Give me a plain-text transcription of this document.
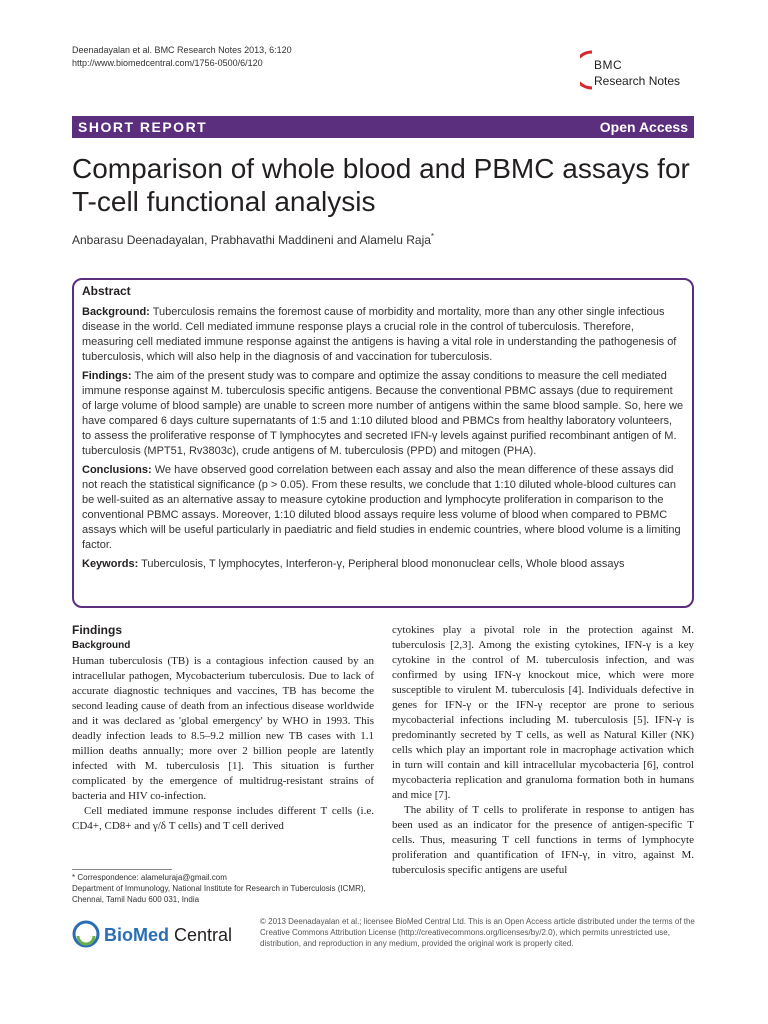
Deenadayalan et al. BMC Research Notes 2013, 6:120
http://www.biomedcentral.com/1756-0500/6/120	BMC
Research Notes
SHORT REPORT	Open Access
Comparison of whole blood and PBMC assays for T-cell functional analysis
Anbarasu Deenadayalan, Prabhavathi Maddineni and Alamelu Raja*
Abstract

Background: Tuberculosis remains the foremost cause of morbidity and mortality, more than any other single infectious disease in the world. Cell mediated immune response plays a crucial role in the control of tuberculosis. Therefore, measuring cell mediated immune response against the antigens is having a vital role in understanding the pathogenesis of tuberculosis, which will also help in the diagnosis of and vaccination for tuberculosis.

Findings: The aim of the present study was to compare and optimize the assay conditions to measure the cell mediated immune response against M. tuberculosis specific antigens. Because the conventional PBMC assays (due to requirement of large volume of blood sample) are unable to screen more number of antigens within the same blood sample. So, here we have compared 6 days culture supernatants of 1:5 and 1:10 diluted blood and PBMCs from healthy laboratory volunteers, to assess the proliferative response of T lymphocytes and secreted IFN-γ levels against purified recombinant antigen of M. tuberculosis (MPT51, Rv3803c), crude antigens of M. tuberculosis (PPD) and mitogen (PHA).

Conclusions: We have observed good correlation between each assay and also the mean difference of these assays did not reach the statistical significance (p > 0.05). From these results, we conclude that 1:10 diluted whole-blood cultures can be well-suited as an alternative assay to measure cytokine production and lymphocyte proliferation in comparison to the conventional PBMC assays. Moreover, 1:10 diluted blood assays require less volume of blood when compared to PBMC assays which will be useful particularly in paediatric and field studies in endemic countries, where blood volume is a limiting factor.

Keywords: Tuberculosis, T lymphocytes, Interferon-γ, Peripheral blood mononuclear cells, Whole blood assays

Findings
Background

Human tuberculosis (TB) is a contagious infection caused by an intracellular pathogen, Mycobacterium tuberculosis. Due to lack of accurate diagnostic techniques and vaccines, TB has become the second leading cause of death from an infectious disease worldwide and it was declared as 'global emergency' by WHO in 1993. This deadly infection leads to 8.5–9.2 million new TB cases with 1.1 million deaths annually; more over 2 billion people are latently infected with M. tuberculosis [1]. This situation is further complicated by the emergence of multidrug-resistant strains of bacteria and HIV co-infection.

Cell mediated immune response includes different T cells (i.e. CD4+, CD8+ and γ/δ T cells) and T cell derived

cytokines play a pivotal role in the protection against M. tuberculosis [2,3]. Among the existing cytokines, IFN-γ is a key cytokine in the control of M. tuberculosis infection, and was confirmed by using IFN-γ knockout mice, which were more susceptible to virulent M. tuberculosis [4]. Individuals defective in genes for IFN-γ or the IFN-γ receptor are prone to serious mycobacterial infections including M. tuberculosis [5]. IFN-γ is predominantly secreted by T cells, as well as Natural Killer (NK) cells which play an important role in macrophage activation which in turn will contain and kill intracellular mycobacteria [6], control mycobacteria replication and granuloma formation both in humans and mice [7].

The ability of T cells to proliferate in response to antigen has been used as an indicator for the presence of antigen-specific T cells. Thus, measuring T cell functions in terms of lymphocyte proliferation and quantification of IFN-γ, in vitro, against M. tuberculosis specific antigens are useful

* Correspondence: alameluraja@gmail.com
Department of Immunology, National Institute for Research in Tuberculosis (ICMR), Chennai, Tamil Nadu 600 031, India
BioMed Central
© 2013 Deenadayalan et al.; licensee BioMed Central Ltd. This is an Open Access article distributed under the terms of the Creative Commons Attribution License (http://creativecommons.org/licenses/by/2.0), which permits unrestricted use, distribution, and reproduction in any medium, provided the original work is properly cited.
